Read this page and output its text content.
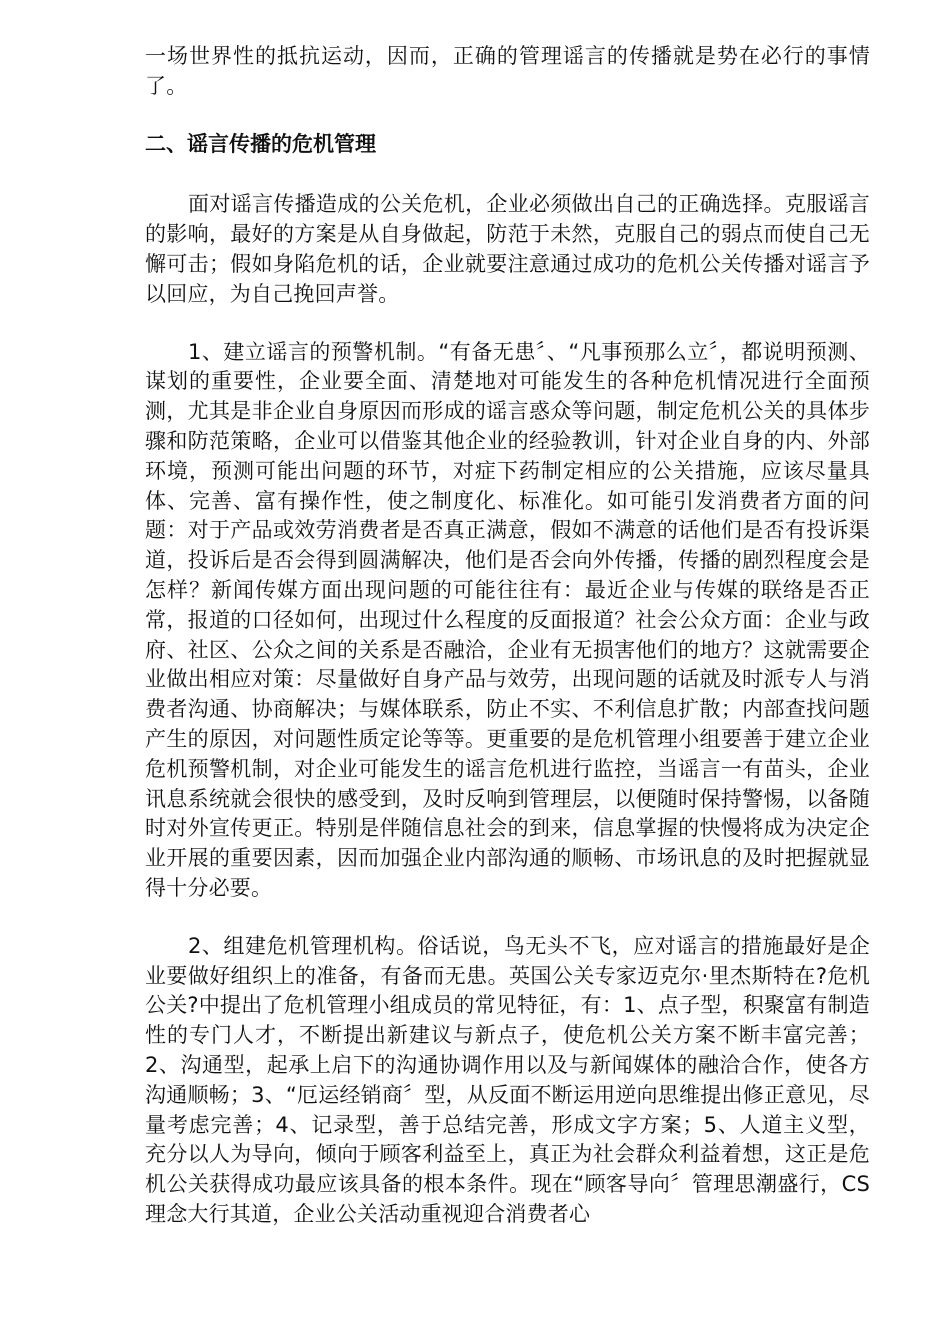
一场世界性的抵抗运动，因而，正确的管理谣言的传播就是势在必行的事情了。

二、谣言传播的危机管理

面对谣言传播造成的公关危机，企业必须做出自己的正确选择。克服谣言的影响，最好的方案是从自身做起，防范于未然，克服自己的弱点而使自己无懈可击；假如身陷危机的话，企业就要注意通过成功的危机公关传播对谣言予以回应，为自己挽回声誉。

1、建立谣言的预警机制。“有备无患〞、“凡事预那么立〞，都说明预测、谋划的重要性，企业要全面、清楚地对可能发生的各种危机情况进行全面预测，尤其是非企业自身原因而形成的谣言惑众等问题，制定危机公关的具体步骤和防范策略，企业可以借鉴其他企业的经验教训，针对企业自身的内、外部环境，预测可能出问题的环节，对症下药制定相应的公关措施，应该尽量具体、完善、富有操作性，使之制度化、标准化。如可能引发消费者方面的问题：对于产品或效劳消费者是否真正满意，假如不满意的话他们是否有投诉渠道，投诉后是否会得到圆满解决，他们是否会向外传播，传播的剧烈程度会是怎样？新闻传媒方面出现问题的可能往往有：最近企业与传媒的联络是否正常，报道的口径如何，出现过什么程度的反面报道？社会公众方面：企业与政府、社区、公众之间的关系是否融洽，企业有无损害他们的地方？这就需要企业做出相应对策：尽量做好自身产品与效劳，出现问题的话就及时派专人与消费者沟通、协商解决；与媒体联系，防止不实、不利信息扩散；内部查找问题产生的原因，对问题性质定论等等。更重要的是危机管理小组要善于建立企业危机预警机制，对企业可能发生的谣言危机进行监控，当谣言一有苗头，企业讯息系统就会很快的感受到，及时反响到管理层，以便随时保持警惕，以备随时对外宣传更正。特别是伴随信息社会的到来，信息掌握的快慢将成为决定企业开展的重要因素，因而加强企业内部沟通的顺畅、市场讯息的及时把握就显得十分必要。

2、组建危机管理机构。俗话说，鸟无头不飞，应对谣言的措施最好是企业要做好组织上的准备，有备而无患。英国公关专家迈克尔·里杰斯特在?危机公关?中提出了危机管理小组成员的常见特征，有：1、点子型，积聚富有制造性的专门人才，不断提出新建议与新点子，使危机公关方案不断丰富完善；2、沟通型，起承上启下的沟通协调作用以及与新闻媒体的融洽合作，使各方沟通顺畅；3、“厄运经销商〞型，从反面不断运用逆向思维提出修正意见，尽量考虑完善；4、记录型，善于总结完善，形成文字方案；5、人道主义型，充分以人为导向，倾向于顾客利益至上，真正为社会群众利益着想，这正是危机公关获得成功最应该具备的根本条件。现在“顾客导向〞管理思潮盛行，CS 理念大行其道，企业公关活动重视迎合消费者心
